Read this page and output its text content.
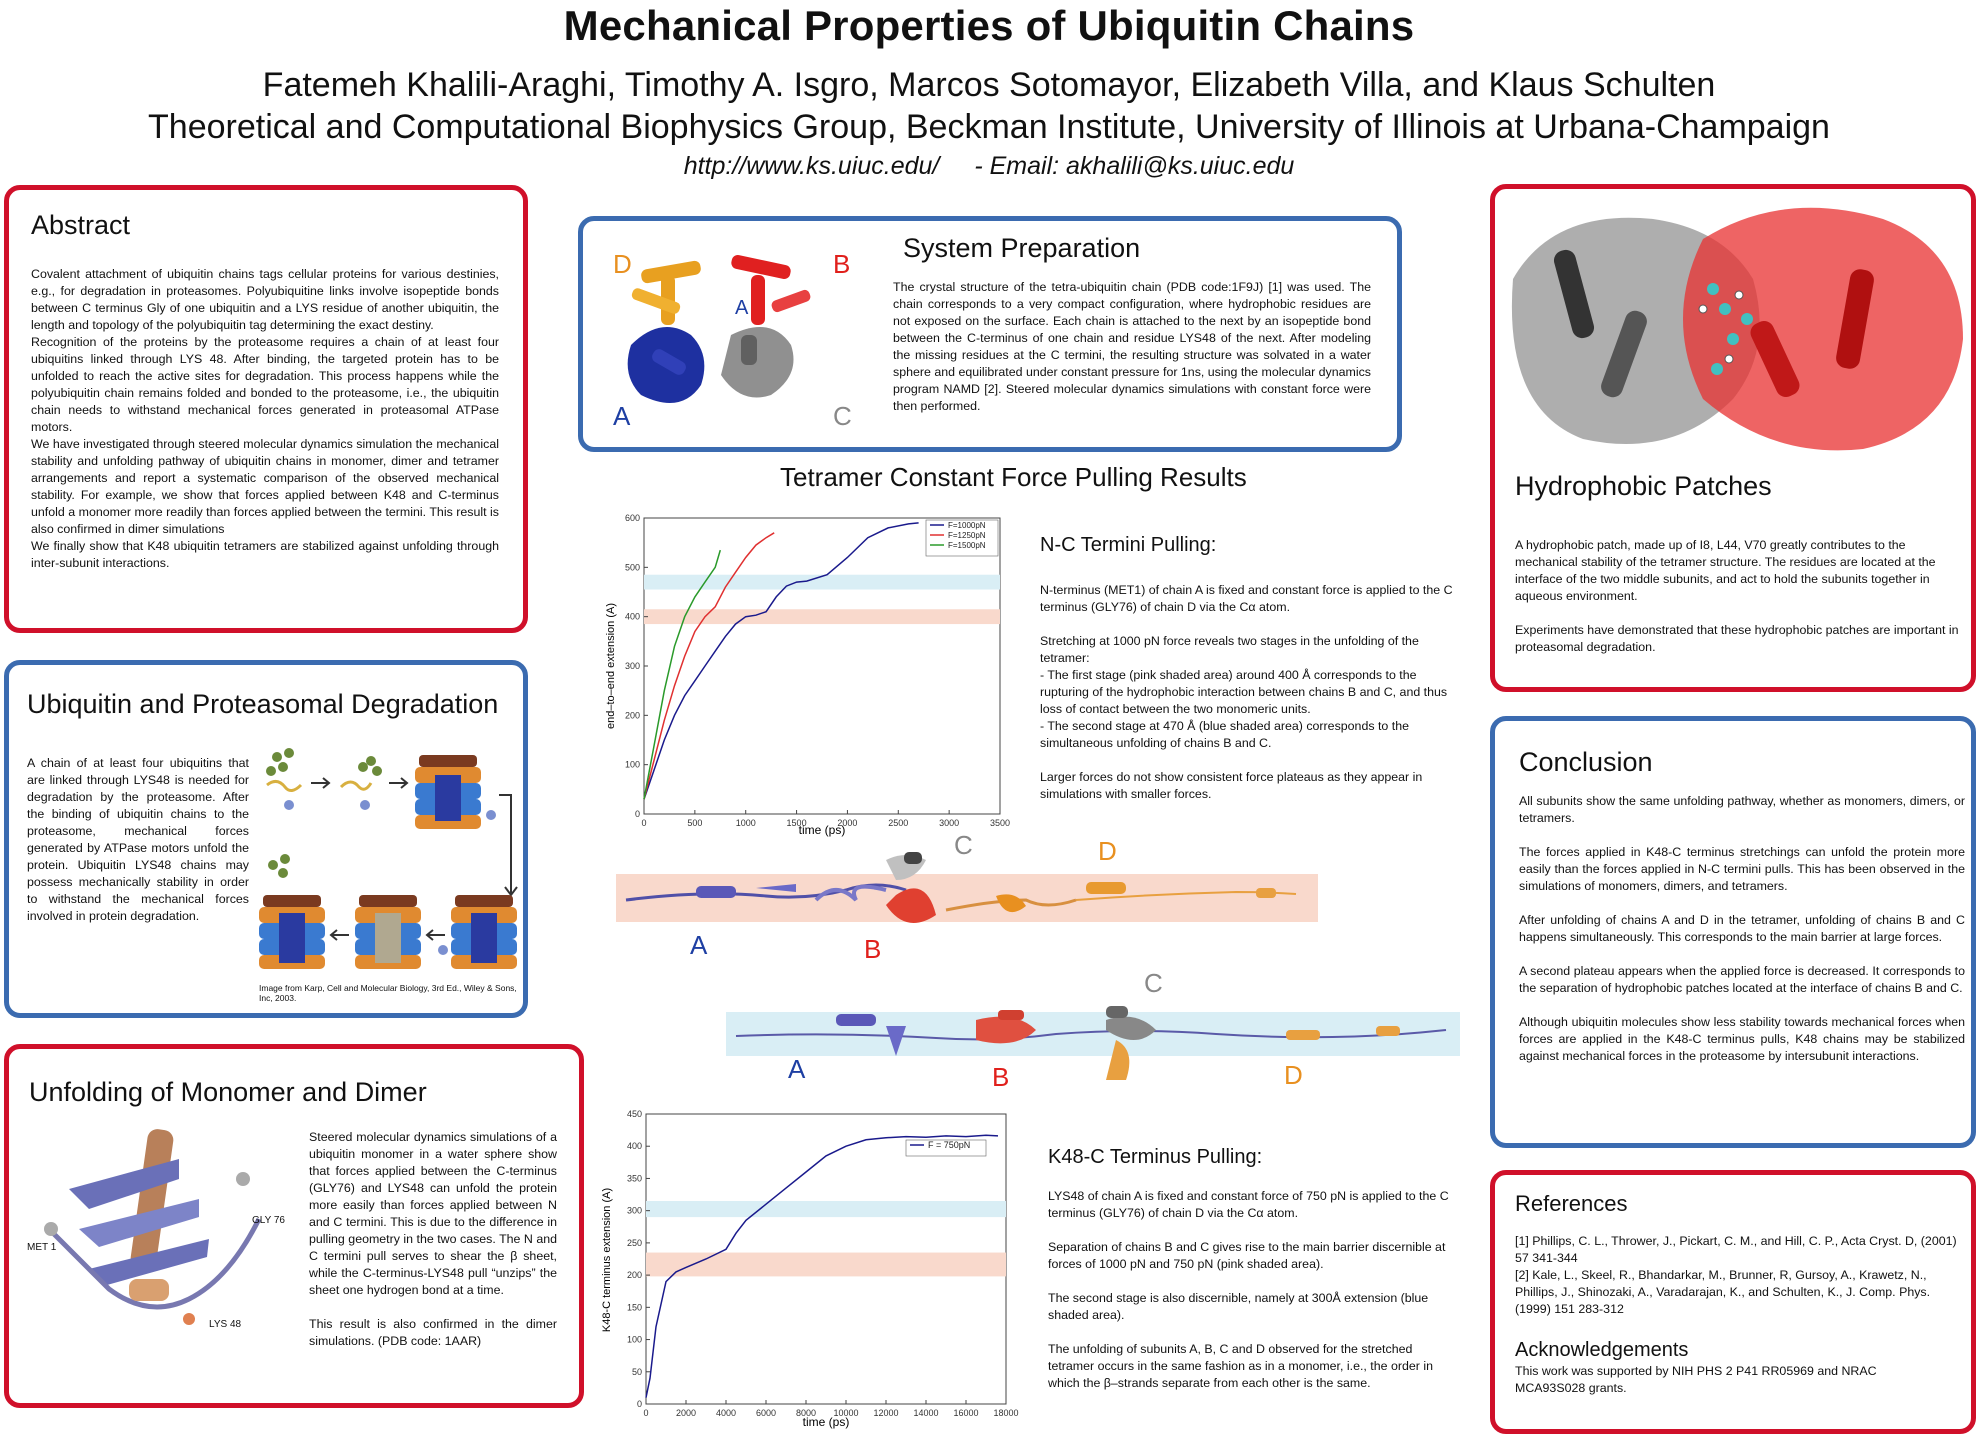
Mechanical Properties of Ubiquitin Chains
Fatemeh Khalili-Araghi, Timothy A. Isgro, Marcos Sotomayor, Elizabeth Villa, and Klaus Schulten
Theoretical and Computational Biophysics Group, Beckman Institute, University of Illinois at Urbana-Champaign
http://www.ks.uiuc.edu/ - Email: akhalili@ks.uiuc.edu
Abstract

Covalent attachment of ubiquitin chains tags cellular proteins for various destinies, e.g., for degradation in proteasomes. Polyubiquitine links involve isopeptide bonds between C terminus Gly of one ubiquitin and a LYS residue of another ubiquitin, the length and topology of the polyubiquitin tag determining the exact destiny.

Recognition of the proteins by the proteasome requires a chain of at least four ubiquitins linked through LYS 48. After binding, the targeted protein has to be unfolded to reach the active sites for degradation. This process happens while the polyubiquitin chain remains folded and bonded to the proteasome, i.e., the ubiquitin chain needs to withstand mechanical forces generated in proteasomal ATPase motors.

We have investigated through steered molecular dynamics simulation the mechanical stability and unfolding pathway of ubiquitin chains in monomer, dimer and tetramer arrangements and report a systematic comparison of the observed mechanical stability. For example, we show that forces applied between K48 and C-terminus unfold a monomer more readily than forces applied between the termini. This result is also confirmed in dimer simulations

We finally show that K48 ubiquitin tetramers are stabilized against unfolding through inter-subunit interactions.

Ubiquitin and Proteasomal Degradation
A chain of at least four ubiquitins that are linked through LYS48 is needed for degradation by the proteasome. After the binding of ubiquitin chains to the proteasome, mechanical forces generated by ATPase motors unfold the protein. Ubiquitin LYS48 chains may possess mechanically stability in order to withstand the mechanical forces involved in protein degradation.
Image from Karp, Cell and Molecular Biology, 3rd Ed., Wiley & Sons, Inc, 2003.
Unfolding of Monomer and Dimer
MET 1
GLY 76
LYS 48

Steered molecular dynamics simulations of a ubiquitin monomer in a water sphere show that forces applied between the C-terminus (GLY76) and LYS48 can unfold the protein more easily than forces applied between N and C termini. This is due to the difference in pulling geometry in the two cases. The N and C termini pull serves to shear the β sheet, while the C-terminus-LYS48 pull “unzips” the sheet one hydrogen bond at a time.

This result is also confirmed in the dimer simulations. (PDB code: 1AAR)

D	B
A	C
A
System Preparation
The crystal structure of the tetra-ubiquitin chain (PDB code:1F9J) [1] was used. The chain corresponds to a very compact configuration, where hydrophobic residues are not exposed on the surface. Each chain is attached to the next by an isopeptide bond between the C-terminus of one chain and residue LYS48 of the next. After modeling the missing residues at the C termini, the resulting structure was solvated in a water sphere and equilibrated under constant pressure for 1ns, using the molecular dynamics program NAMD [2]. Steered molecular dynamics simulations with constant force were then performed.
Tetramer Constant Force Pulling Results
0	500	1000	1500	2000	2500	3000	3500
0
100
200
300
400
500
600
F=1000pN
F=1250pN
F=1500pN
time (ps)
end–to–end extension (A)
N-C Termini Pulling:

N-terminus (MET1) of chain A is fixed and constant force is applied to the C terminus (GLY76) of chain D via the Cα atom.

Stretching at 1000 pN force reveals two stages in the unfolding of the tetramer:

- The first stage (pink shaded area) around 400 Å corresponds to the rupturing of the hydrophobic interaction between chains B and C, and thus loss of contact between the two monomeric units.

- The second stage at 470 Å (blue shaded area) corresponds to the simultaneous unfolding of chains B and C.

Larger forces do not show consistent force plateaus as they appear in simulations with smaller forces.

A	B
C	D
A	B
C
D
0	2000 4000 6000 8000 10000 12000 14000 16000 18000
0
50
100
150
200
250
300
350
400
450
F = 750pN
time (ps)
K48-C terminus extension (A)
K48-C Terminus Pulling:

LYS48 of chain A is fixed and constant force of 750 pN is applied to the C terminus (GLY76) of chain D via the Cα atom.

Separation of chains B and C gives rise to the main barrier discernible at forces of 1000 pN and 750 pN (pink shaded area).

The second stage is also discernible, namely at 300Å extension (blue shaded area).

The unfolding of subunits A, B, C and D observed for the stretched tetramer occurs in the same fashion as in a monomer, i.e., the order in which the β–strands separate from each other is the same.

Hydrophobic Patches

A hydrophobic patch, made up of I8, L44, V70 greatly contributes to the mechanical stability of the tetramer structure. The residues are located at the interface of the two middle subunits, and act to hold the subunits together in aqueous environment.

Experiments have demonstrated that these hydrophobic patches are important in proteasomal degradation.

Conclusion

All subunits show the same unfolding pathway, whether as monomers, dimers, or tetramers.

The forces applied in K48-C terminus stretchings can unfold the protein more easily than the forces applied in N-C termini pulls. This has been observed in the simulations of monomers, dimers, and tetramers.

After unfolding of chains A and D in the tetramer, unfolding of chains B and C happens simultaneously. This corresponds to the main barrier at large forces.

A second plateau appears when the applied force is decreased. It corresponds to the separation of hydrophobic patches located at the interface of chains B and C.

Although ubiquitin molecules show less stability towards mechanical forces when forces are applied in the K48-C terminus pulls, K48 chains may be stabilized against mechanical forces in the proteasome by intersubunit interactions.

References

[1] Phillips, C. L., Thrower, J., Pickart, C. M., and Hill, C. P., Acta Cryst. D, (2001) 57 341-344

[2] Kale, L., Skeel, R., Bhandarkar, M., Brunner, R, Gursoy, A., Krawetz, N., Phillips, J., Shinozaki, A., Varadarajan, K., and Schulten, K., J. Comp. Phys. (1999) 151 283-312

Acknowledgements
This work was supported by NIH PHS 2 P41 RR05969 and NRAC MCA93S028 grants.
